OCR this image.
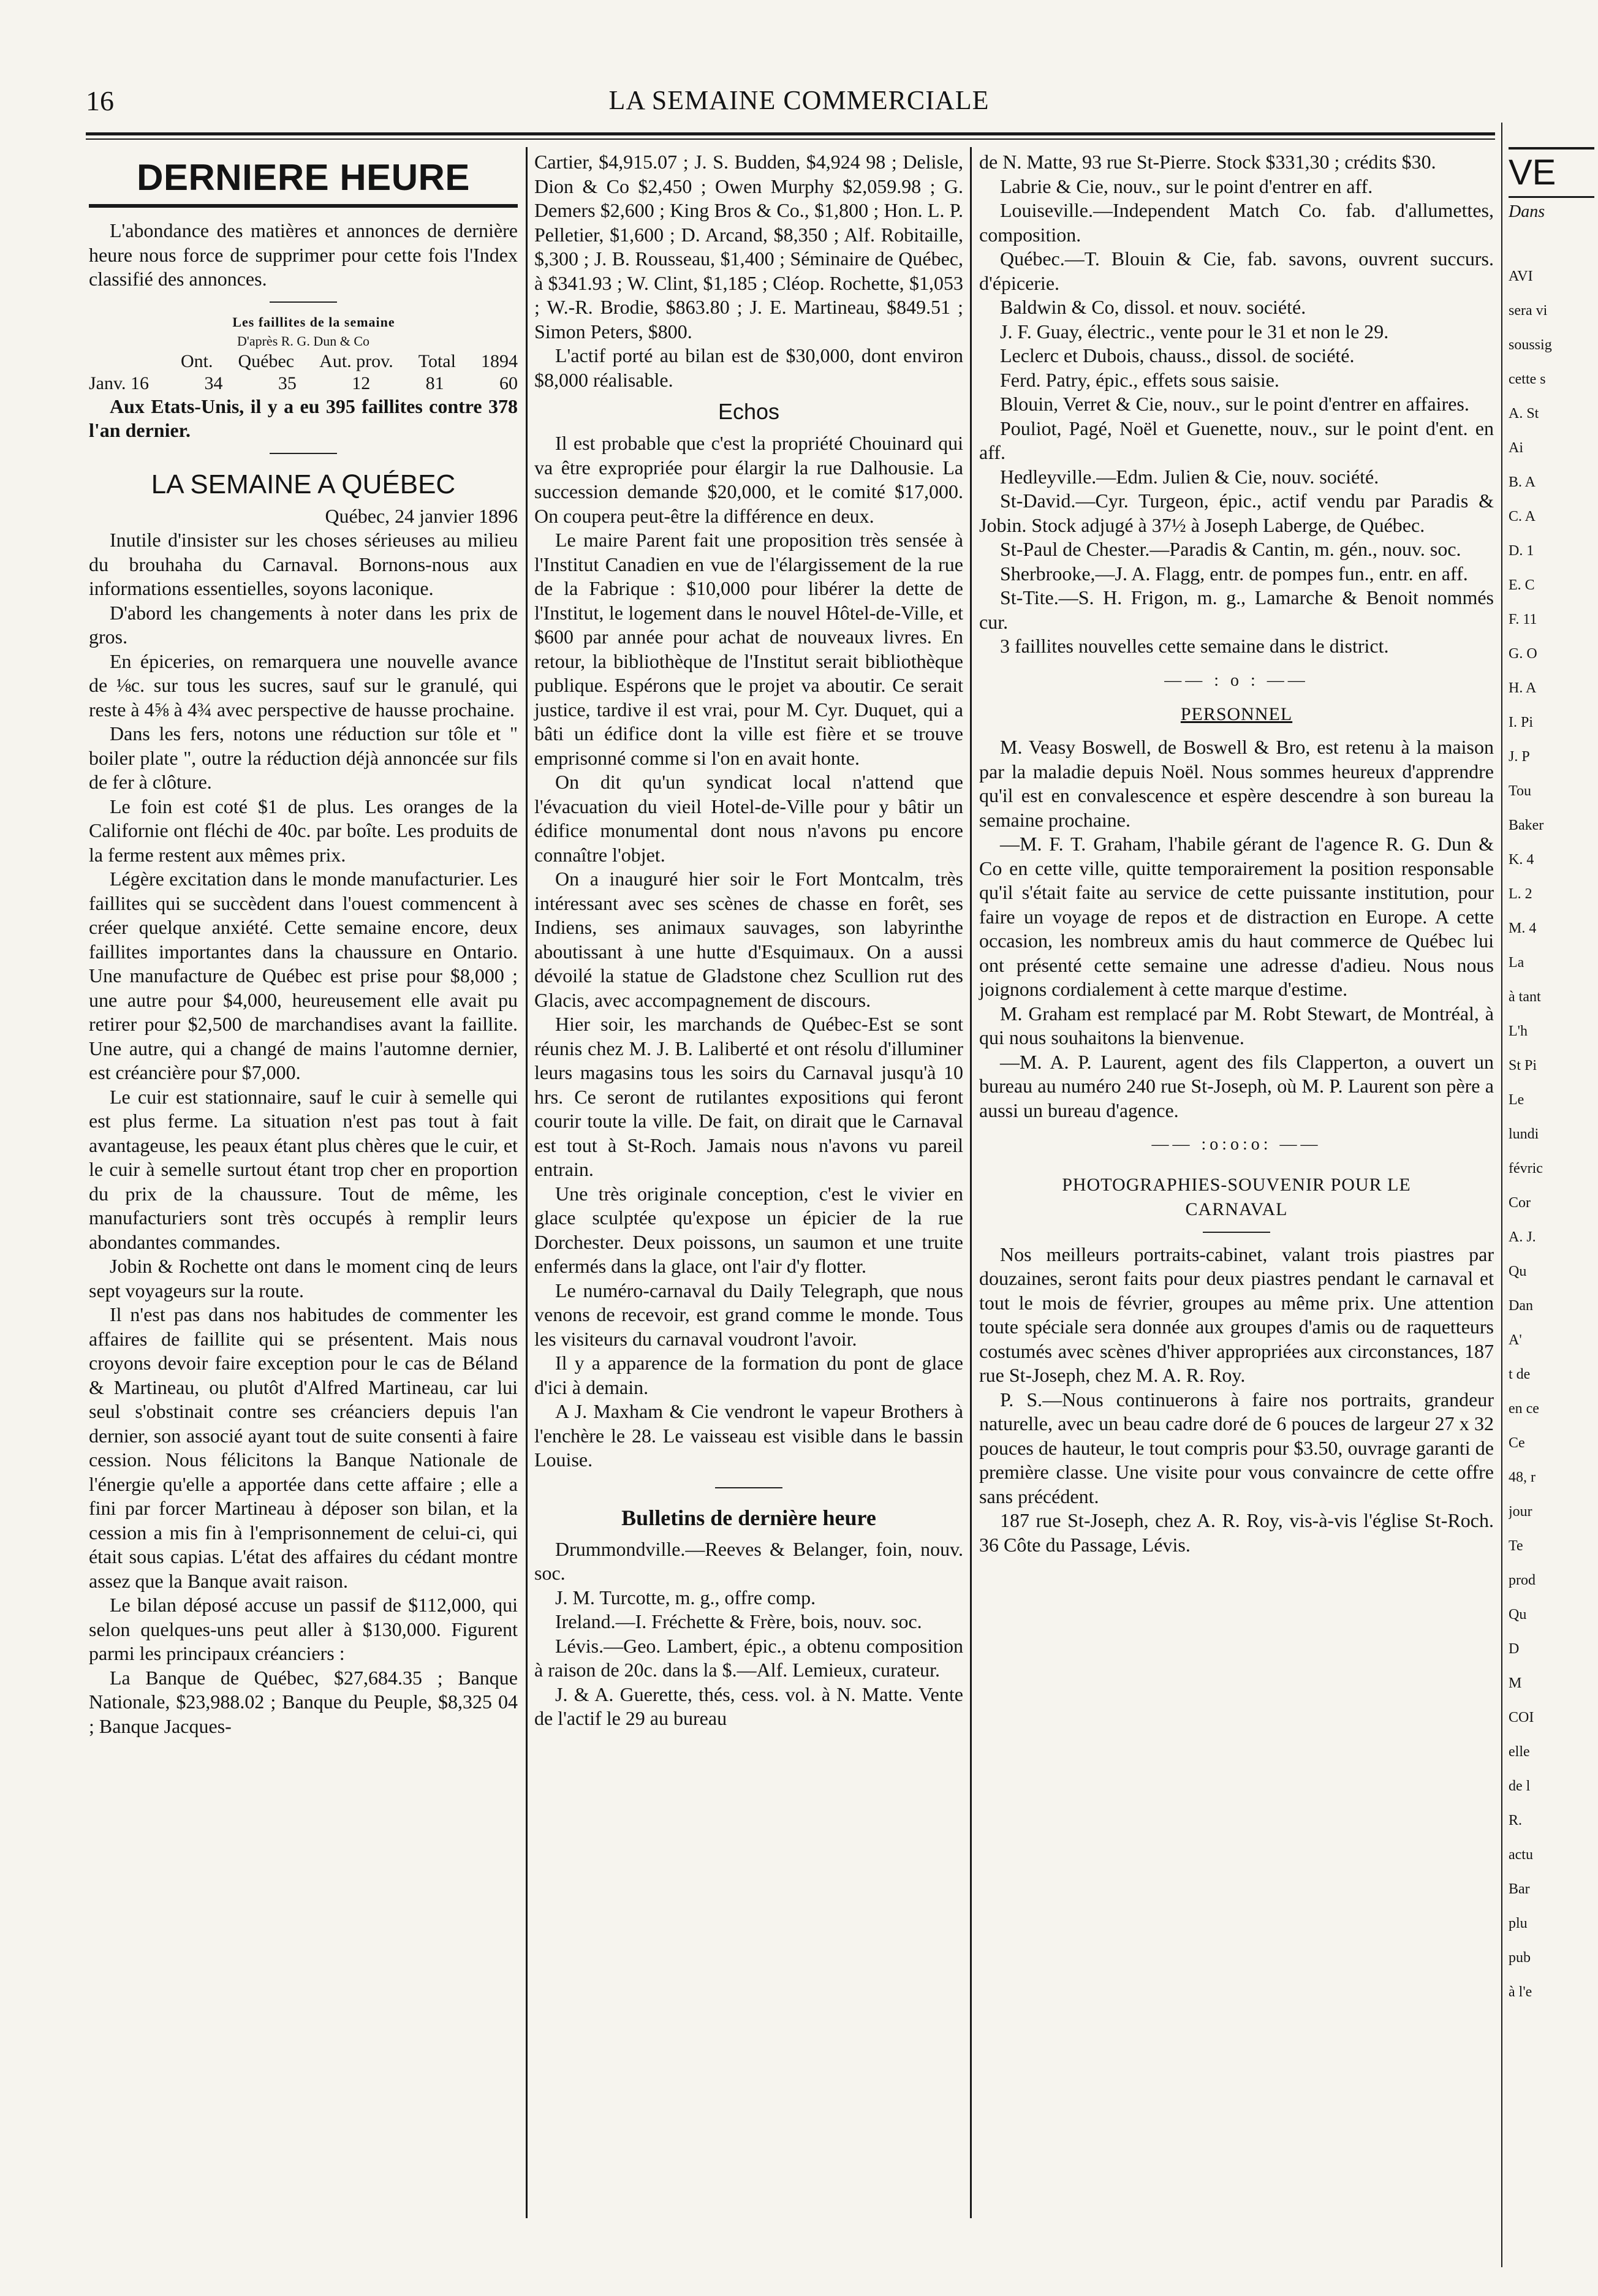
16	LA SEMAINE COMMERCIALE
DERNIERE HEURE

L'abondance des matières et annonces de dernière heure nous force de supprimer pour cette fois l'Index classifié des annonces.

Les faillites de la semaine

D'après R. G. Dun & Co

Ont. Québec Aut. prov. Total 1894
Janv. 16	34	35	12	81	60

Aux Etats-Unis, il y a eu 395 faillites contre 378 l'an dernier.

LA SEMAINE A QUÉBEC

Québec, 24 janvier 1896

Inutile d'insister sur les choses sérieuses au milieu du brouhaha du Carnaval. Bornons-nous aux informations essentielles, soyons laconique.

D'abord les changements à noter dans les prix de gros.

En épiceries, on remarquera une nouvelle avance de ⅛c. sur tous les sucres, sauf sur le granulé, qui reste à 4⅝ à 4¾ avec perspective de hausse prochaine.

Dans les fers, notons une réduction sur tôle et " boiler plate ", outre la réduction déjà annoncée sur fils de fer à clôture.

Le foin est coté $1 de plus. Les oranges de la Californie ont fléchi de 40c. par boîte. Les produits de la ferme restent aux mêmes prix.

Légère excitation dans le monde manufacturier. Les faillites qui se succèdent dans l'ouest commencent à créer quelque anxiété. Cette semaine encore, deux faillites importantes dans la chaussure en Ontario. Une manufacture de Québec est prise pour $8,000 ; une autre pour $4,000, heureusement elle avait pu retirer pour $2,500 de marchandises avant la faillite. Une autre, qui a changé de mains l'automne dernier, est créancière pour $7,000.

Le cuir est stationnaire, sauf le cuir à semelle qui est plus ferme. La situation n'est pas tout à fait avantageuse, les peaux étant plus chères que le cuir, et le cuir à semelle surtout étant trop cher en proportion du prix de la chaussure. Tout de même, les manufacturiers sont très occupés à remplir leurs abondantes commandes.

Jobin & Rochette ont dans le moment cinq de leurs sept voyageurs sur la route.

Il n'est pas dans nos habitudes de commenter les affaires de faillite qui se présentent. Mais nous croyons devoir faire exception pour le cas de Béland & Martineau, ou plutôt d'Alfred Martineau, car lui seul s'obstinait contre ses créanciers depuis l'an dernier, son associé ayant tout de suite consenti à faire cession. Nous félicitons la Banque Nationale de l'énergie qu'elle a apportée dans cette affaire ; elle a fini par forcer Martineau à déposer son bilan, et la cession a mis fin à l'emprisonnement de celui-ci, qui était sous capias. L'état des affaires du cédant montre assez que la Banque avait raison.

Le bilan déposé accuse un passif de $112,000, qui selon quelques-uns peut aller à $130,000. Figurent parmi les principaux créanciers :

La Banque de Québec, $27,684.35 ; Banque Nationale, $23,988.02 ; Banque du Peuple, $8,325 04 ; Banque Jacques-

Cartier, $4,915.07 ; J. S. Budden, $4,924 98 ; Delisle, Dion & Co $2,450 ; Owen Murphy $2,059.98 ; G. Demers $2,600 ; King Bros & Co., $1,800 ; Hon. L. P. Pelletier, $1,600 ; D. Arcand, $8,350 ; Alf. Robitaille, $,300 ; J. B. Rousseau, $1,400 ; Séminaire de Québec, à $341.93 ; W. Clint, $1,185 ; Cléop. Rochette, $1,053 ; W.-R. Brodie, $863.80 ; J. E. Martineau, $849.51 ; Simon Peters, $800.

L'actif porté au bilan est de $30,000, dont environ $8,000 réalisable.

Echos

Il est probable que c'est la propriété Chouinard qui va être expropriée pour élargir la rue Dalhousie. La succession demande $20,000, et le comité $17,000. On coupera peut-être la différence en deux.

Le maire Parent fait une proposition très sensée à l'Institut Canadien en vue de l'élargissement de la rue de la Fabrique : $10,000 pour libérer la dette de l'Institut, le logement dans le nouvel Hôtel-de-Ville, et $600 par année pour achat de nouveaux livres. En retour, la bibliothèque de l'Institut serait bibliothèque publique. Espérons que le projet va aboutir. Ce serait justice, tardive il est vrai, pour M. Cyr. Duquet, qui a bâti un édifice dont la ville est fière et se trouve emprisonné comme si l'on en avait honte.

On dit qu'un syndicat local n'attend que l'évacuation du vieil Hotel-de-Ville pour y bâtir un édifice monumental dont nous n'avons pu encore connaître l'objet.

On a inauguré hier soir le Fort Montcalm, très intéressant avec ses scènes de chasse en forêt, ses Indiens, ses animaux sauvages, son labyrinthe aboutissant à une hutte d'Esquimaux. On a aussi dévoilé la statue de Gladstone chez Scullion rut des Glacis, avec accompagnement de discours.

Hier soir, les marchands de Québec-Est se sont réunis chez M. J. B. Laliberté et ont résolu d'illuminer leurs magasins tous les soirs du Carnaval jusqu'à 10 hrs. Ce seront de rutilantes expositions qui feront courir toute la ville. De fait, on dirait que le Carnaval est tout à St-Roch. Jamais nous n'avons vu pareil entrain.

Une très originale conception, c'est le vivier en glace sculptée qu'expose un épicier de la rue Dorchester. Deux poissons, un saumon et une truite enfermés dans la glace, ont l'air d'y flotter.

Le numéro-carnaval du Daily Telegraph, que nous venons de recevoir, est grand comme le monde. Tous les visiteurs du carnaval voudront l'avoir.

Il y a apparence de la formation du pont de glace d'ici à demain.

A J. Maxham & Cie vendront le vapeur Brothers à l'enchère le 28. Le vaisseau est visible dans le bassin Louise.

Bulletins de dernière heure

Drummondville.—Reeves & Belanger, foin, nouv. soc.

J. M. Turcotte, m. g., offre comp.

Ireland.—I. Fréchette & Frère, bois, nouv. soc.

Lévis.—Geo. Lambert, épic., a obtenu composition à raison de 20c. dans la $.—Alf. Lemieux, curateur.

J. & A. Guerette, thés, cess. vol. à N. Matte. Vente de l'actif le 29 au bureau

de N. Matte, 93 rue St-Pierre. Stock $331,30 ; crédits $30.

Labrie & Cie, nouv., sur le point d'entrer en aff.

Louiseville.—Independent Match Co. fab. d'allumettes, composition.

Québec.—T. Blouin & Cie, fab. savons, ouvrent succurs. d'épicerie.

Baldwin & Co, dissol. et nouv. société.

J. F. Guay, électric., vente pour le 31 et non le 29.

Leclerc et Dubois, chauss., dissol. de société.

Ferd. Patry, épic., effets sous saisie.

Blouin, Verret & Cie, nouv., sur le point d'entrer en affaires.

Pouliot, Pagé, Noël et Guenette, nouv., sur le point d'ent. en aff.

Hedleyville.—Edm. Julien & Cie, nouv. société.

St-David.—Cyr. Turgeon, épic., actif vendu par Paradis & Jobin. Stock adjugé à 37½ à Joseph Laberge, de Québec.

St-Paul de Chester.—Paradis & Cantin, m. gén., nouv. soc.

Sherbrooke,—J. A. Flagg, entr. de pompes fun., entr. en aff.

St-Tite.—S. H. Frigon, m. g., Lamarche & Benoit nommés cur.

3 faillites nouvelles cette semaine dans le district.

—— : o : ——
PERSONNEL

M. Veasy Boswell, de Boswell & Bro, est retenu à la maison par la maladie depuis Noël. Nous sommes heureux d'apprendre qu'il est en convalescence et espère descendre à son bureau la semaine prochaine.

—M. F. T. Graham, l'habile gérant de l'agence R. G. Dun & Co en cette ville, quitte temporairement la position responsable qu'il s'était faite au service de cette puissante institution, pour faire un voyage de repos et de distraction en Europe. A cette occasion, les nombreux amis du haut commerce de Québec lui ont présenté cette semaine une adresse d'adieu. Nous nous joignons cordialement à cette marque d'estime.

M. Graham est remplacé par M. Robt Stewart, de Montréal, à qui nous souhaitons la bienvenue.

—M. A. P. Laurent, agent des fils Clapperton, a ouvert un bureau au numéro 240 rue St-Joseph, où M. P. Laurent son père a aussi un bureau d'agence.

—— :o:o:o: ——
PHOTOGRAPHIES-SOUVENIR POUR LE CARNAVAL

Nos meilleurs portraits-cabinet, valant trois piastres par douzaines, seront faits pour deux piastres pendant le carnaval et tout le mois de février, groupes au même prix. Une attention toute spéciale sera donnée aux groupes d'amis ou de raquetteurs costumés avec scènes d'hiver appropriées aux circonstances, 187 rue St-Joseph, chez M. A. R. Roy.

P. S.—Nous continuerons à faire nos portraits, grandeur naturelle, avec un beau cadre doré de 6 pouces de largeur 27 x 32 pouces de hauteur, le tout compris pour $3.50, ouvrage garanti de première classe. Une visite pour vous convaincre de cette offre sans précédent.

187 rue St-Joseph, chez A. R. Roy, vis-à-vis l'église St-Roch. 36 Côte du Passage, Lévis.

VE
Dans
AVI
sera vi
soussig
cette s
A. St
Ai
B. A
C. A
D. 1
E. C
F. 11
G. O
H. A
I. Pi
J. P
Tou
Baker
K. 4
L. 2
M. 4
La
à tant
L'h
St Pi
Le
lundi
févric
Cor
A. J.
Qu
Dan
A'
t de
en ce
Ce
48, r
jour
Te
prod
Qu
D
M
COI
elle
de l
R.
actu
Bar
plu
pub
à l'e
